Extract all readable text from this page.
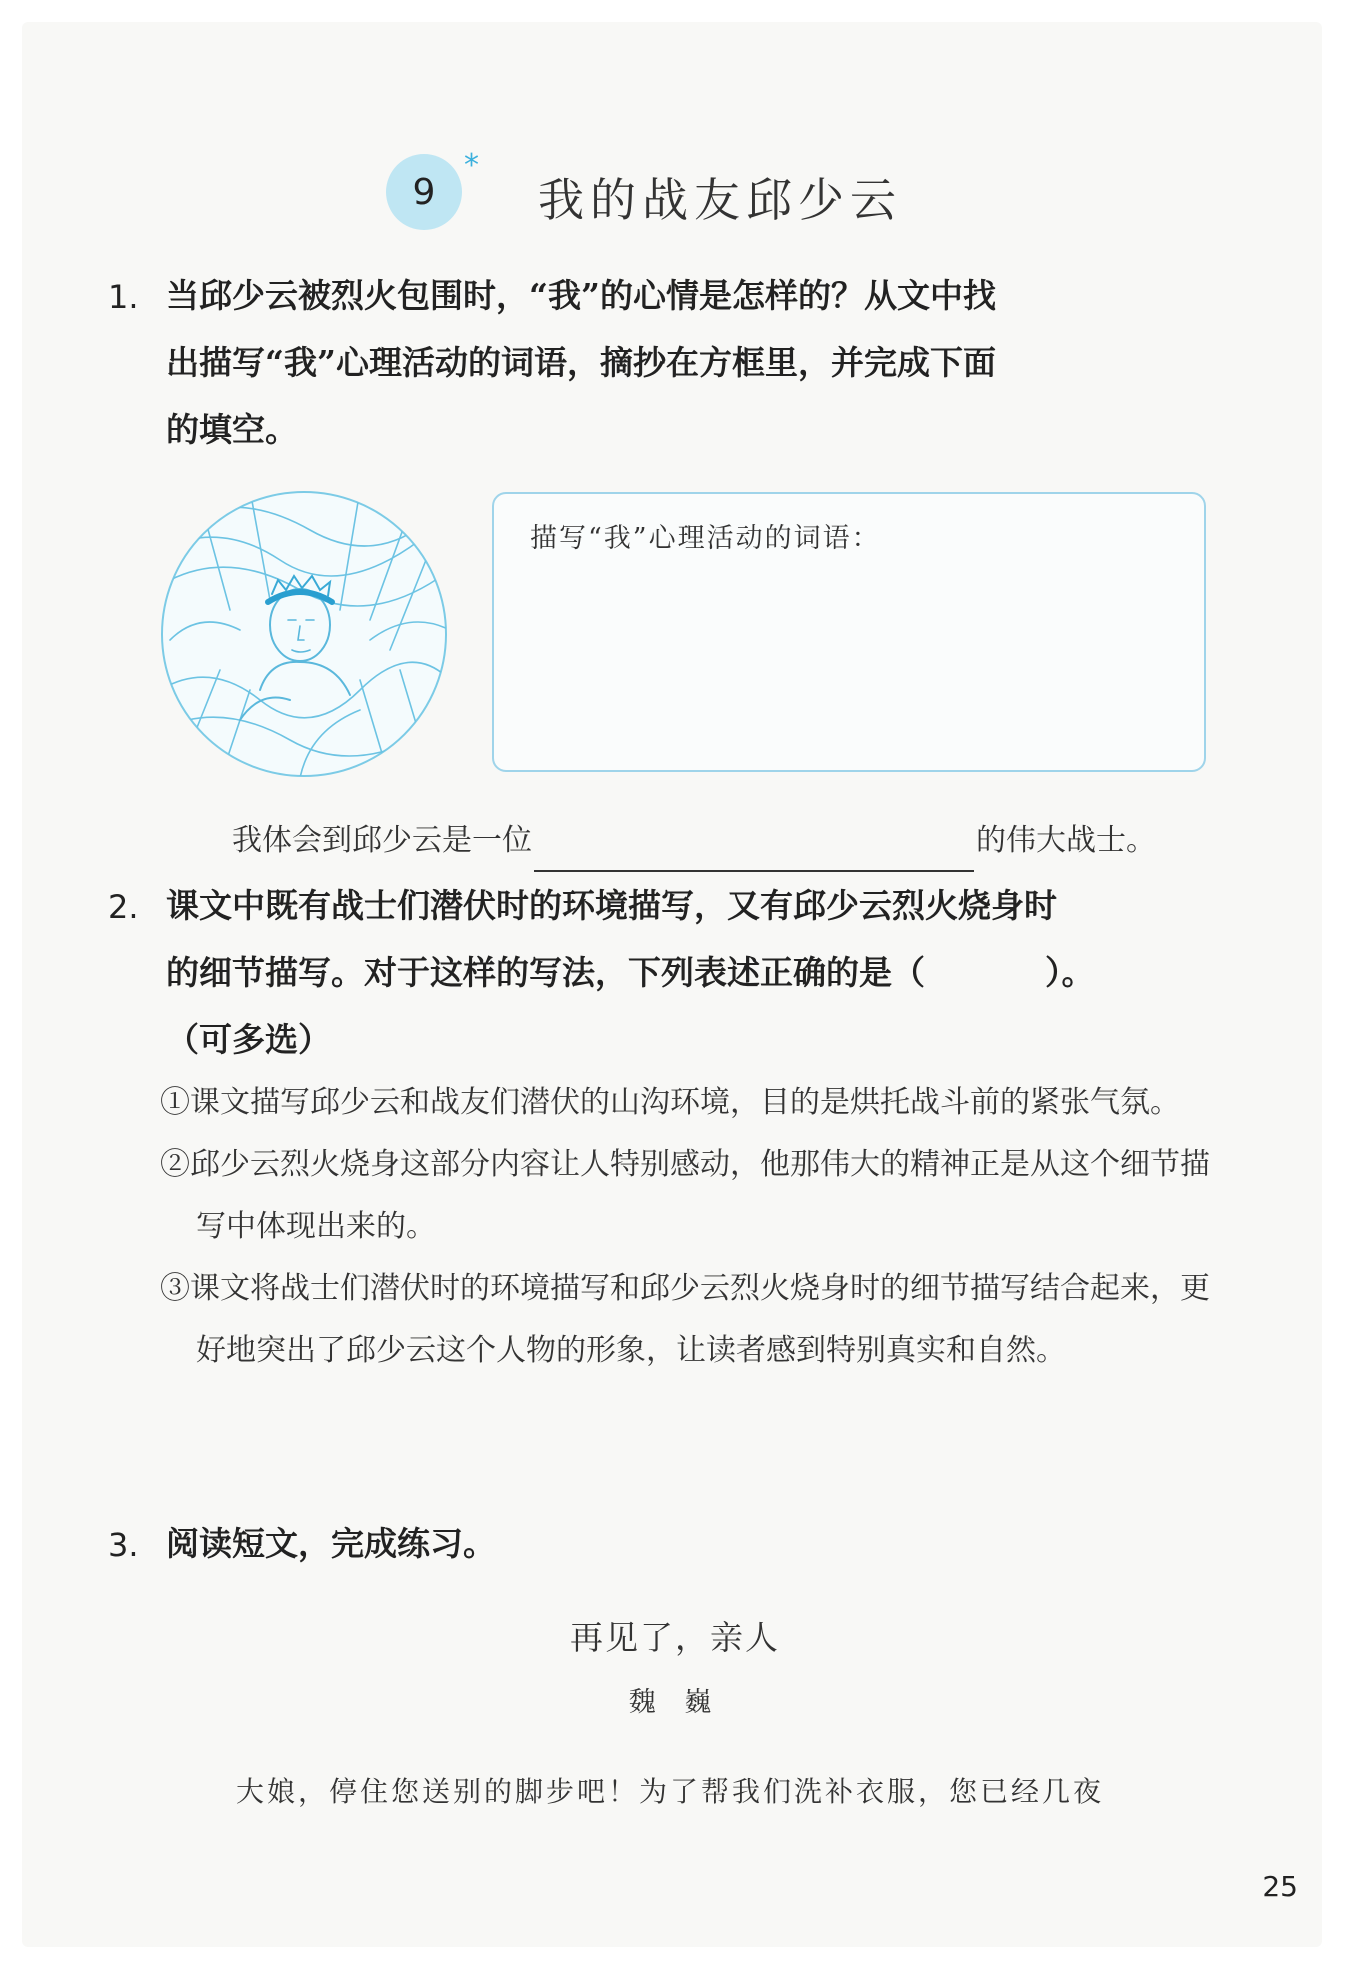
9
*
我的战友邱少云
1. 当邱少云被烈火包围时，“我”的心情是怎样的？从文中找
出描写“我”心理活动的词语，摘抄在方框里，并完成下面
的填空。
描写“我”心理活动的词语：
我体会到邱少云是一位	的伟大战士。
2. 课文中既有战士们潜伏时的环境描写，又有邱少云烈火烧身时
的细节描写。对于这样的写法，下列表述正确的是（	）。
（可多选）
①课文描写邱少云和战友们潜伏的山沟环境，目的是烘托战斗前的紧张气氛。
②邱少云烈火烧身这部分内容让人特别感动，他那伟大的精神正是从这个细节描写中体现出来的。
③课文将战士们潜伏时的环境描写和邱少云烈火烧身时的细节描写结合起来，更好地突出了邱少云这个人物的形象，让读者感到特别真实和自然。
3. 阅读短文，完成练习。
再见了，亲人
魏 巍
大娘，停住您送别的脚步吧！为了帮我们洗补衣服，您已经几夜
25
